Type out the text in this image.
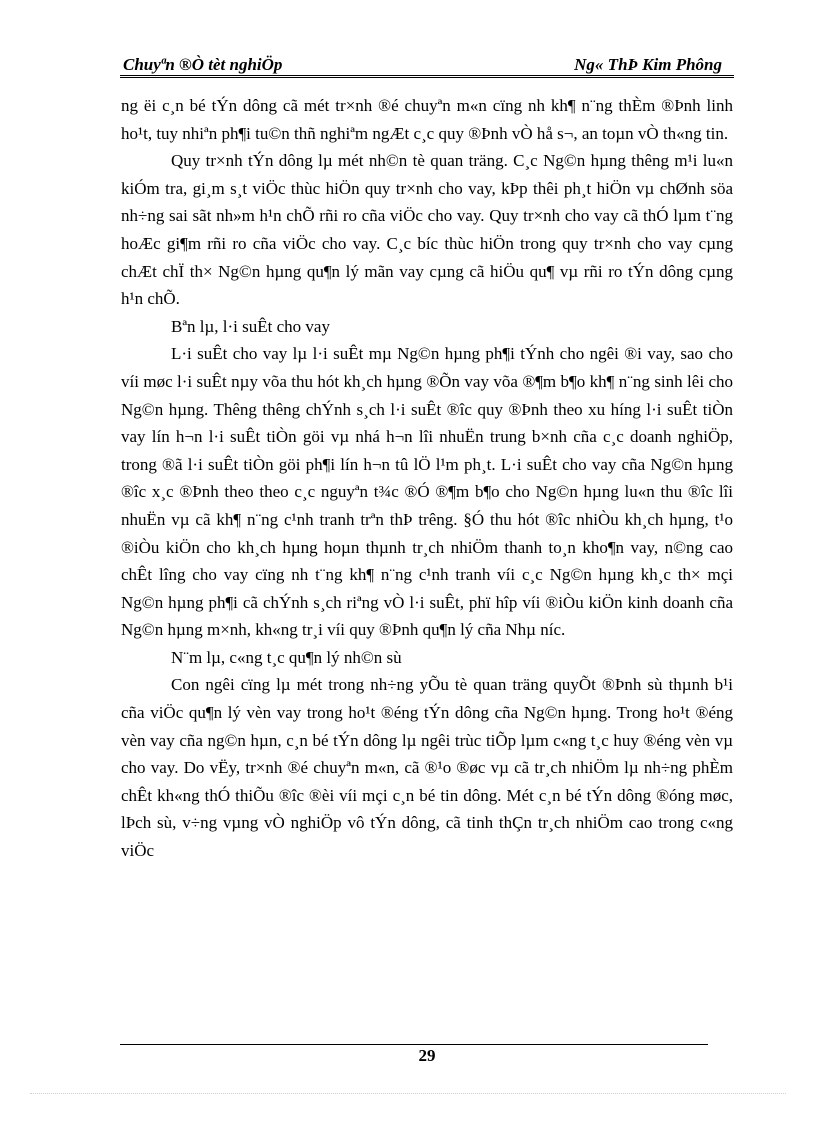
Chuyªn ®Ò tèt nghiÖp	Ng« ThÞ Kim Phông

ng ëi c¸n bé tÝn dông cã mét tr×nh ®é chuyªn m«n cïng nh kh¶ n¨ng thÈm ®Þnh linh ho¹t, tuy nhiªn ph¶i tu©n thñ nghiªm ngÆt c¸c quy ®Þnh vÒ hå s¬, an toµn vÒ th«ng tin.

Quy tr×nh tÝn dông lµ mét nh©n tè quan träng. C¸c Ng©n hµng thêng m¹i lu«n kiÓm tra, gi¸m s¸t viÖc thùc hiÖn quy tr×nh cho vay, kÞp thêi ph¸t hiÖn vµ chØnh söa nh÷ng sai sãt nh»m h¹n chÕ rñi ro cña viÖc cho vay. Quy tr×nh cho vay cã thÓ lµm t¨ng hoÆc gi¶m rñi ro cña viÖc cho vay. C¸c bíc thùc hiÖn trong quy tr×nh cho vay cµng chÆt chÏ th× Ng©n hµng qu¶n lý mãn vay cµng cã hiÖu qu¶ vµ rñi ro tÝn dông cµng h¹n chÕ.

Bªn lµ, l·i suÊt cho vay

L·i suÊt cho vay lµ l·i suÊt mµ Ng©n hµng ph¶i tÝnh cho ngêi ®i vay, sao cho víi møc l·i suÊt nµy võa thu hót kh¸ch hµng ®Õn vay võa ®¶m b¶o kh¶ n¨ng sinh lêi cho Ng©n hµng. Thêng thêng chÝnh s¸ch l·i suÊt ®îc quy ®Þnh theo xu híng l·i suÊt tiÒn vay lín h¬n l·i suÊt tiÒn göi vµ nhá h¬n lîi nhuËn trung b×nh cña c¸c doanh nghiÖp, trong ®ã l·i suÊt tiÒn göi ph¶i lín h¬n tû lÖ l¹m ph¸t. L·i suÊt cho vay cña Ng©n hµng ®îc x¸c ®Þnh theo theo c¸c nguyªn t¾c ®Ó ®¶m b¶o cho Ng©n hµng lu«n thu ®îc lîi nhuËn vµ cã kh¶ n¨ng c¹nh tranh trªn thÞ trêng. §Ó thu hót ®îc nhiÒu kh¸ch hµng, t¹o ®iÒu kiÖn cho kh¸ch hµng hoµn thµnh tr¸ch nhiÖm thanh to¸n kho¶n vay, n©ng cao chÊt lîng cho vay cïng nh t¨ng kh¶ n¨ng c¹nh tranh víi c¸c Ng©n hµng kh¸c th× mçi Ng©n hµng ph¶i cã chÝnh s¸ch riªng vÒ l·i suÊt, phï hîp víi ®iÒu kiÖn kinh doanh cña Ng©n hµng m×nh, kh«ng tr¸i víi quy ®Þnh qu¶n lý cña Nhµ níc.

N¨m lµ, c«ng t¸c qu¶n lý nh©n sù

Con ngêi cïng lµ mét trong nh÷ng yÕu tè quan träng quyÕt ®Þnh sù thµnh b¹i cña viÖc qu¶n lý vèn vay trong ho¹t ®éng tÝn dông cña Ng©n hµng. Trong ho¹t ®éng vèn vay cña ng©n hµn, c¸n bé tÝn dông lµ ngêi trùc tiÕp lµm c«ng t¸c huy ®éng vèn vµ cho vay. Do vËy, tr×nh ®é chuyªn m«n, cã ®¹o ®øc vµ cã tr¸ch nhiÖm lµ nh÷ng phÈm chÊt kh«ng thÓ thiÕu ®îc ®èi víi mçi c¸n bé tin dông. Mét c¸n bé tÝn dông ®óng møc, lÞch sù, v÷ng vµng vÒ nghiÖp vô tÝn dông, cã tinh thÇn tr¸ch nhiÖm cao trong c«ng viÖc

29
